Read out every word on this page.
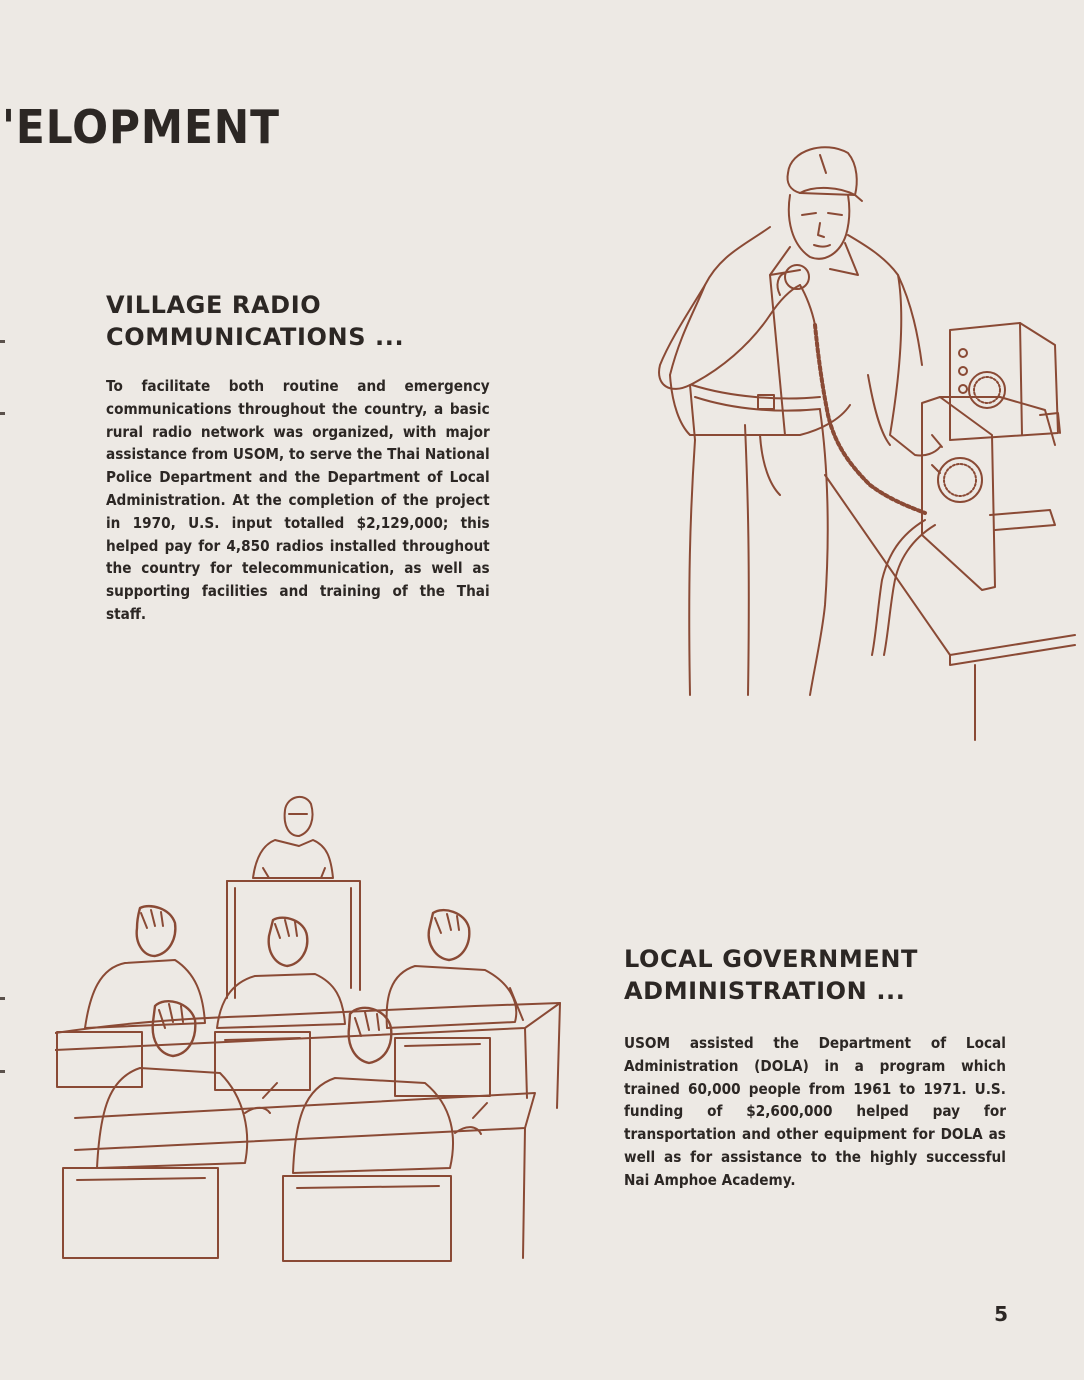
'ELOPMENT
VILLAGE RADIO
COMMUNICATIONS ...

To facilitate both routine and emergency communications throughout the country, a basic rural radio network was organized, with major assistance from USOM, to serve the Thai National Police Department and the Department of Local Administration. At the completion of the project in 1970, U.S. input totalled $2,129,000; this helped pay for 4,850 radios installed throughout the country for telecommunication, as well as supporting facilities and training of the Thai staff.

LOCAL GOVERNMENT
ADMINISTRATION ...

USOM assisted the Department of Local Administration (DOLA) in a program which trained 60,000 people from 1961 to 1971. U.S. funding of $2,600,000 helped pay for transportation and other equipment for DOLA as well as for assistance to the highly successful Nai Amphoe Academy.

5
